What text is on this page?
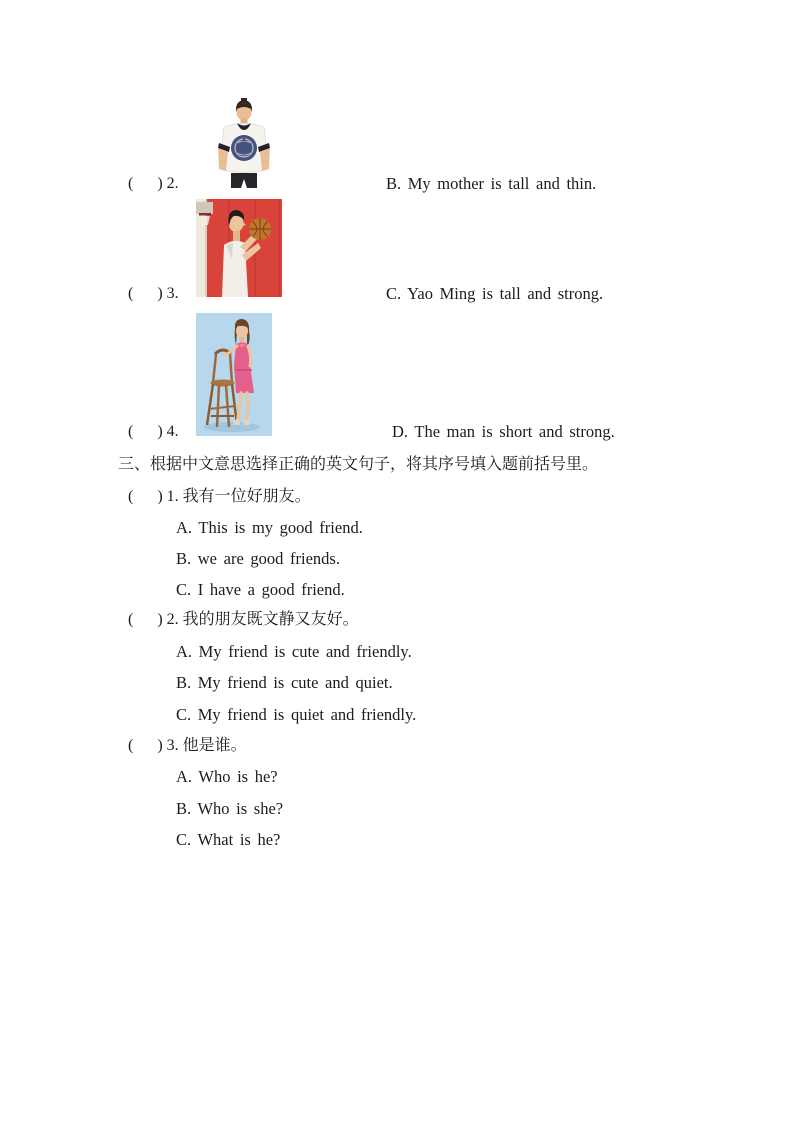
(      ) 2.	B. My mother is tall and thin.
(      ) 3.	C. Yao Ming is tall and strong.
(      ) 4.	D. The man is short and strong.
三、根据中文意思选择正确的英文句子，将其序号填入题前括号里。
(      ) 1. 我有一位好朋友。
A. This is my good friend.
B. we are good friends.
C. I have a good friend.
(      ) 2. 我的朋友既文静又友好。
A. My friend is cute and friendly.
B. My friend is cute and quiet.
C. My friend is quiet and friendly.
(      ) 3. 他是谁。
A. Who is he?
B. Who is she?
C. What is he?
